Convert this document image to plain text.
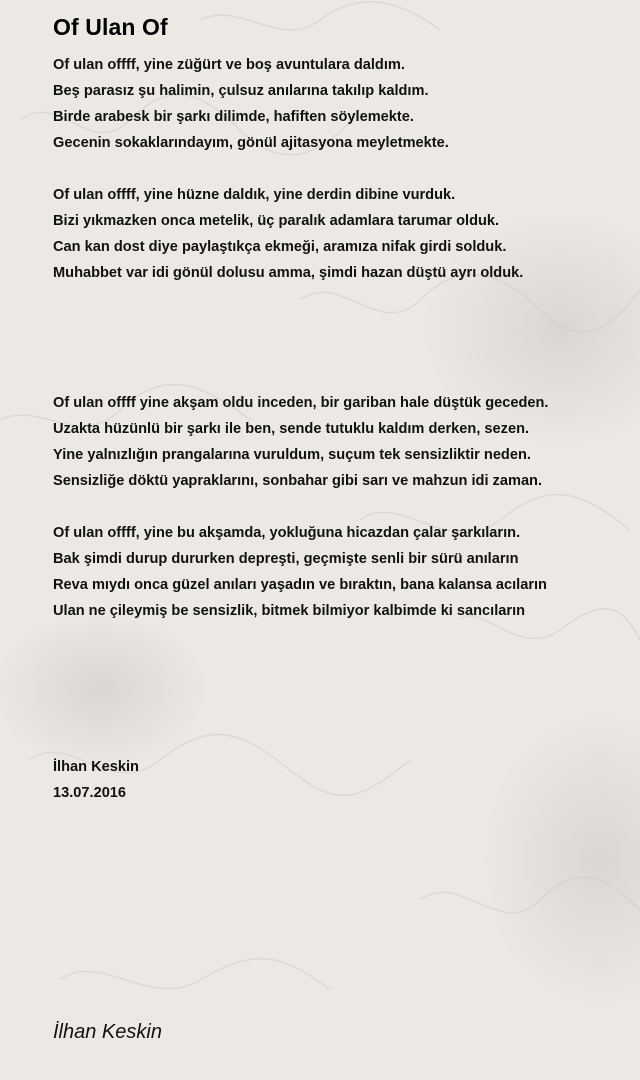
Of Ulan Of
Of ulan offff, yine züğürt ve boş avuntulara daldım.
Beş parasız şu halimin, çulsuz anılarına takılıp kaldım.
Birde arabesk bir şarkı dilimde, hafiften söylemekte.
Gecenin sokaklarındayım, gönül ajitasyona meyletmekte.
Of ulan offff, yine hüzne daldık, yine derdin dibine vurduk.
Bizi yıkmazken onca metelik, üç paralık adamlara tarumar olduk.
Can kan dost diye paylaştıkça ekmeği, aramıza nifak girdi solduk.
Muhabbet var idi gönül dolusu amma, şimdi hazan düştü ayrı olduk.
Of ulan offff yine akşam oldu inceden, bir gariban hale düştük geceden.
Uzakta hüzünlü bir şarkı ile ben, sende tutuklu kaldım derken, sezen.
Yine yalnızlığın prangalarına vuruldum, suçum tek sensizliktir neden.
Sensizliğe döktü yapraklarını, sonbahar gibi sarı ve mahzun idi zaman.
Of ulan offff, yine bu akşamda, yokluğuna hicazdan çalar şarkıların.
Bak şimdi durup dururken depreşti, geçmişte senli bir sürü anıların
Reva mıydı onca güzel anıları yaşadın ve bıraktın, bana kalansa acıların
Ulan ne çileymiş be sensizlik, bitmek bilmiyor kalbimde ki sancıların
İlhan Keskin
13.07.2016
İlhan Keskin
